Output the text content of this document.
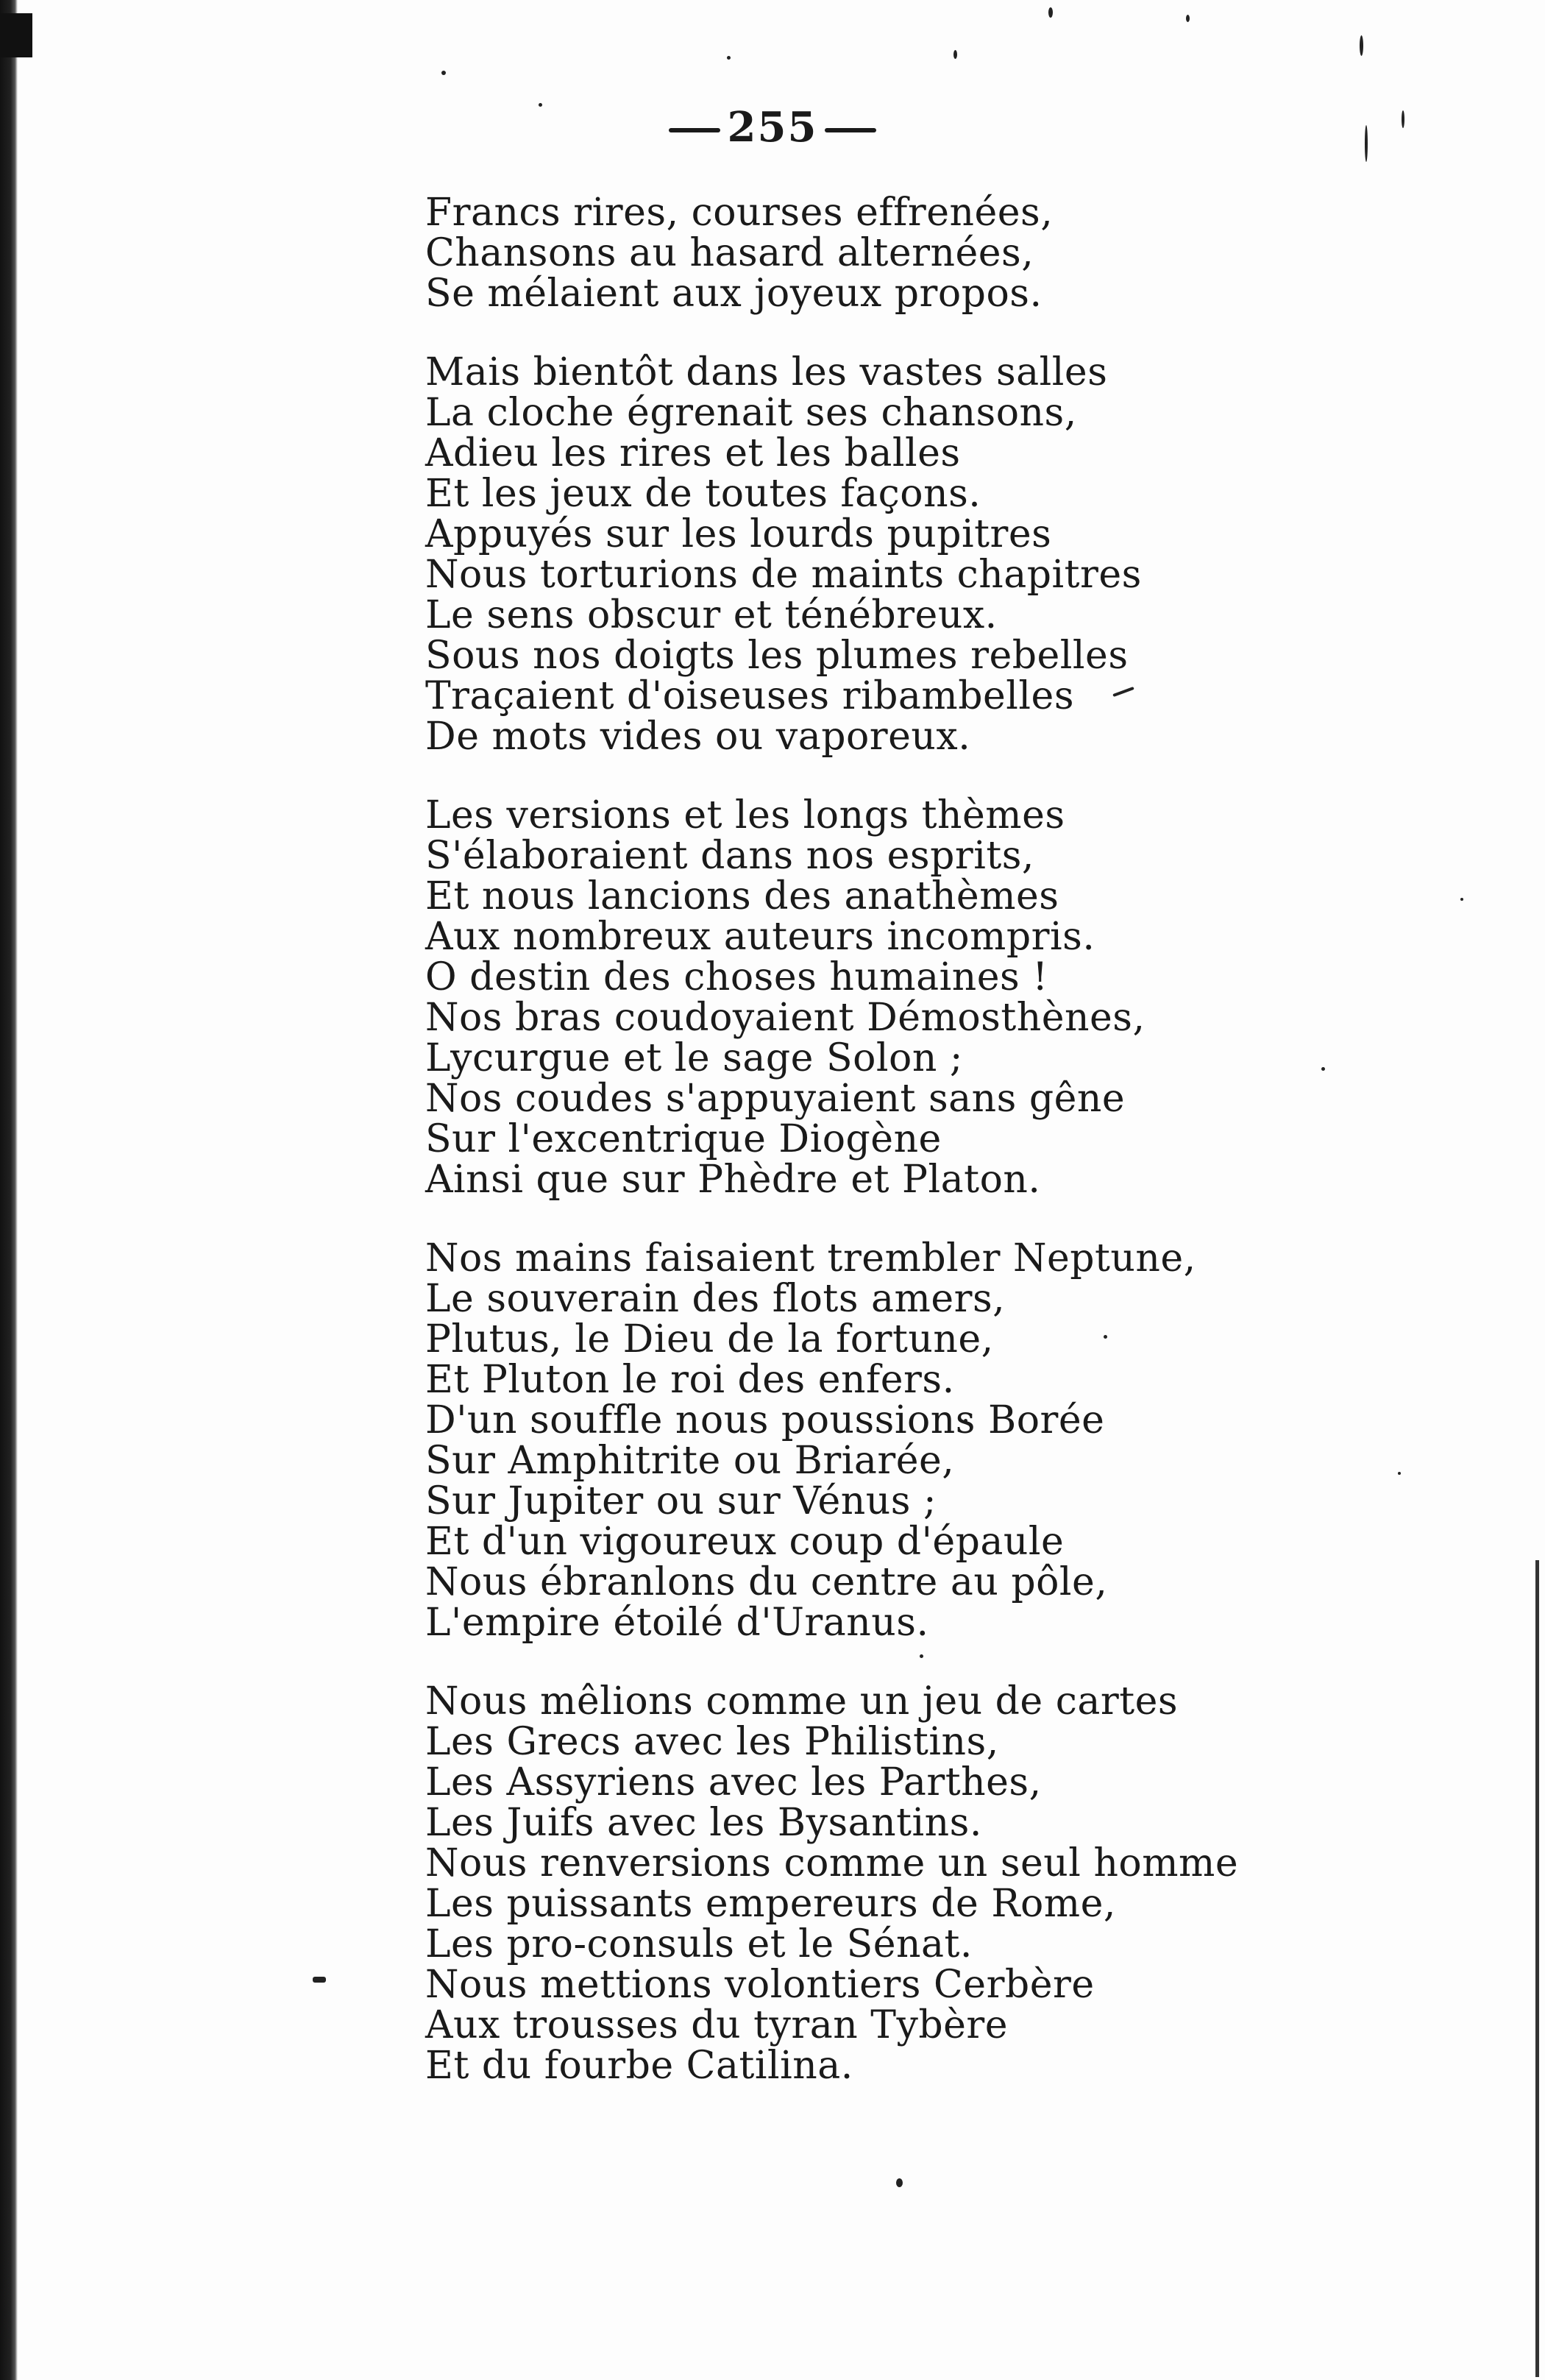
255
Francs rires, courses effrenées,
Chansons au hasard alternées,
Se mélaient aux joyeux propos.
Mais bientôt dans les vastes salles
La cloche égrenait ses chansons,
Adieu les rires et les balles
Et les jeux de toutes façons.
Appuyés sur les lourds pupitres
Nous torturions de maints chapitres
Le sens obscur et ténébreux.
Sous nos doigts les plumes rebelles
Traçaient d'oiseuses ribambelles
De mots vides ou vaporeux.
Les versions et les longs thèmes
S'élaboraient dans nos esprits,
Et nous lancions des anathèmes
Aux nombreux auteurs incompris.
O destin des choses humaines !
Nos bras coudoyaient Démosthènes,
Lycurgue et le sage Solon ;
Nos coudes s'appuyaient sans gêne
Sur l'excentrique Diogène
Ainsi que sur Phèdre et Platon.
Nos mains faisaient trembler Neptune,
Le souverain des flots amers,
Plutus, le Dieu de la fortune,
Et Pluton le roi des enfers.
D'un souffle nous poussions Borée
Sur Amphitrite ou Briarée,
Sur Jupiter ou sur Vénus ;
Et d'un vigoureux coup d'épaule
Nous ébranlons du centre au pôle,
L'empire étoilé d'Uranus.
Nous mêlions comme un jeu de cartes
Les Grecs avec les Philistins,
Les Assyriens avec les Parthes,
Les Juifs avec les Bysantins.
Nous renversions comme un seul homme
Les puissants empereurs de Rome,
Les pro-consuls et le Sénat.
Nous mettions volontiers Cerbère
Aux trousses du tyran Tybère
Et du fourbe Catilina.
